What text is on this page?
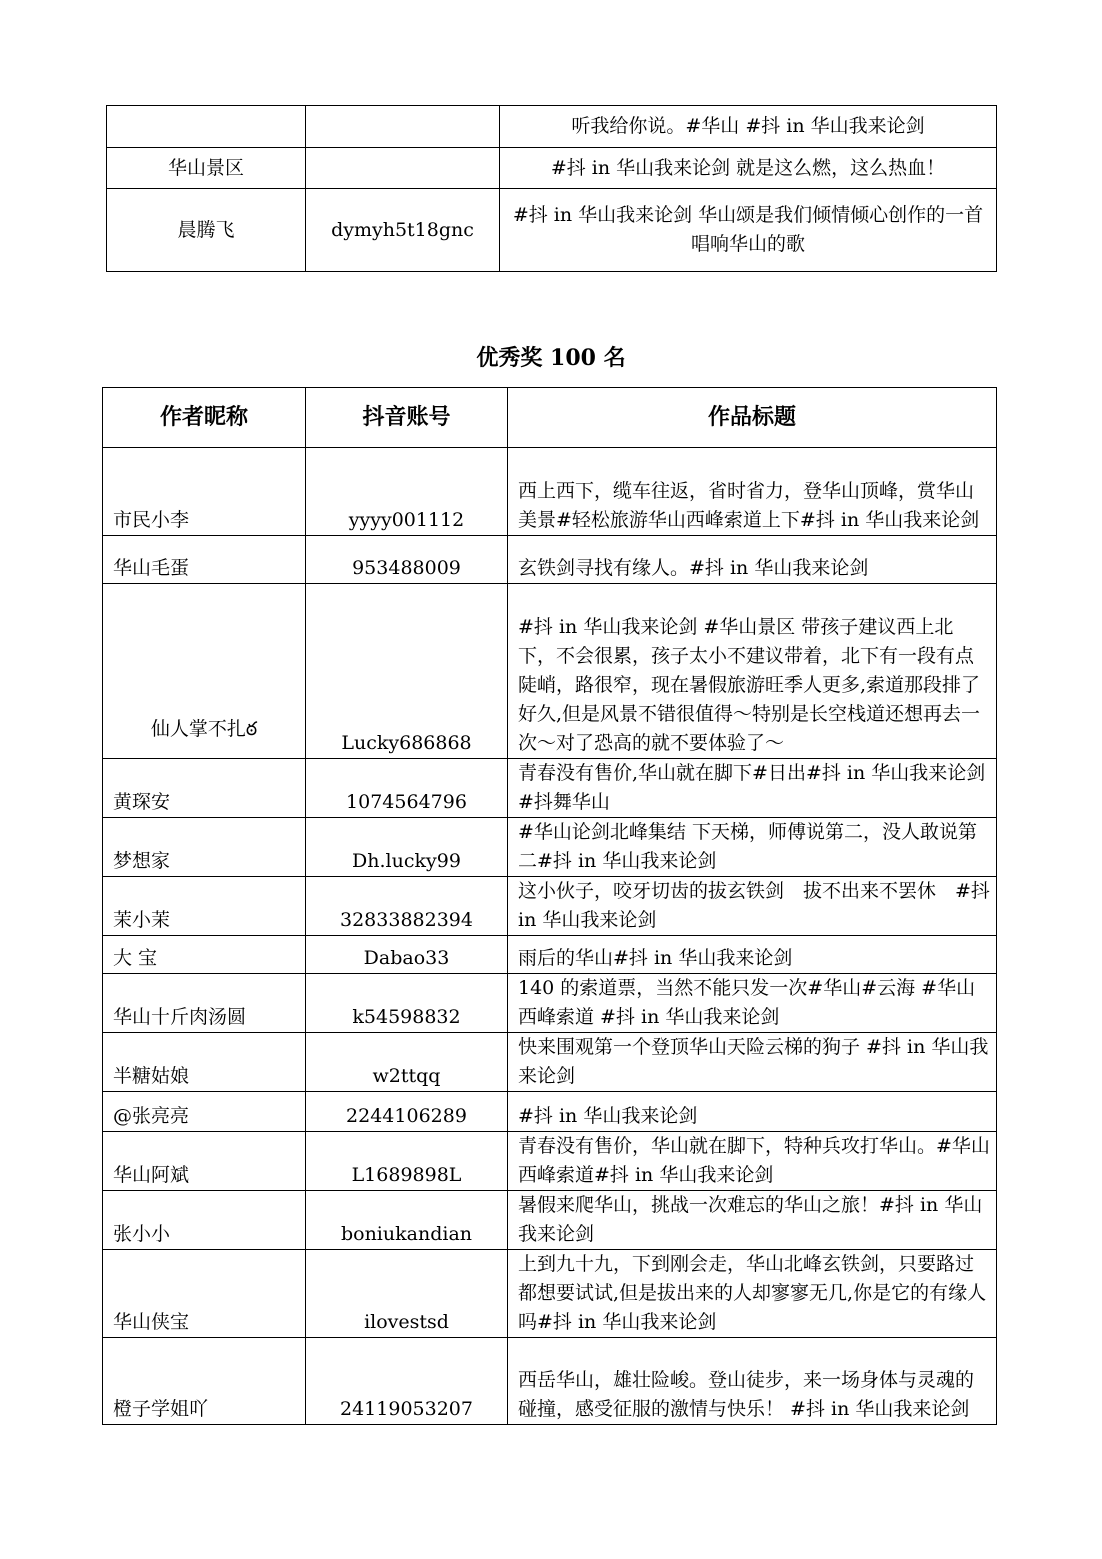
		听我给你说。#华山 #抖 in 华山我来论剑
华山景区		#抖 in 华山我来论剑 就是这么燃，这么热血！
晨腾飞	dymyh5t18gnc	#抖 in 华山我来论剑 华山颂是我们倾情倾心创作的一首唱响华山的歌
优秀奖 100 名
作者昵称	抖音账号	作品标题
市民小李	yyyy001112	西上西下，缆车往返，省时省力，登华山顶峰，赏华山美景#轻松旅游华山西峰索道上下#抖 in 华山我来论剑
华山毛蛋	953488009	玄铁剑寻找有缘人。#抖 in 华山我来论剑
仙人掌不扎ఠ	Lucky686868	#抖 in 华山我来论剑 #华山景区 带孩子建议西上北下，不会很累，孩子太小不建议带着，北下有一段有点陡峭，路很窄，现在暑假旅游旺季人更多,索道那段排了好久,但是风景不错很值得～特别是长空栈道还想再去一次～对了恐高的就不要体验了～
黄琛安	1074564796	青春没有售价,华山就在脚下#日出#抖 in 华山我来论剑 #抖舞华山
梦想家	Dh.lucky99	#华山论剑北峰集结 下天梯，师傅说第二，没人敢说第二#抖 in 华山我来论剑
茉小茉	32833882394	这小伙子，咬牙切齿的拔玄铁剑　拔不出来不罢休　#抖 in 华山我来论剑
大 宝	Dabao33	雨后的华山#抖 in 华山我来论剑
华山十斤肉汤圆	k54598832	140 的索道票，当然不能只发一次#华山#云海 #华山西峰索道 #抖 in 华山我来论剑
半糖姑娘	w2ttqq	快来围观第一个登顶华山天险云梯的狗子 #抖 in 华山我来论剑
@张亮亮	2244106289	#抖 in 华山我来论剑
华山阿斌	L1689898L	青春没有售价，华山就在脚下，特种兵攻打华山。#华山西峰索道#抖 in 华山我来论剑
张小小	boniukandian	暑假来爬华山，挑战一次难忘的华山之旅！#抖 in 华山我来论剑
华山侠宝	ilovestsd	上到九十九，下到刚会走，华山北峰玄铁剑，只要路过都想要试试,但是拔出来的人却寥寥无几,你是它的有缘人吗#抖 in 华山我来论剑
橙子学姐吖	24119053207	西岳华山，雄壮险峻。登山徒步，来一场身体与灵魂的碰撞，感受征服的激情与快乐！ #抖 in 华山我来论剑
